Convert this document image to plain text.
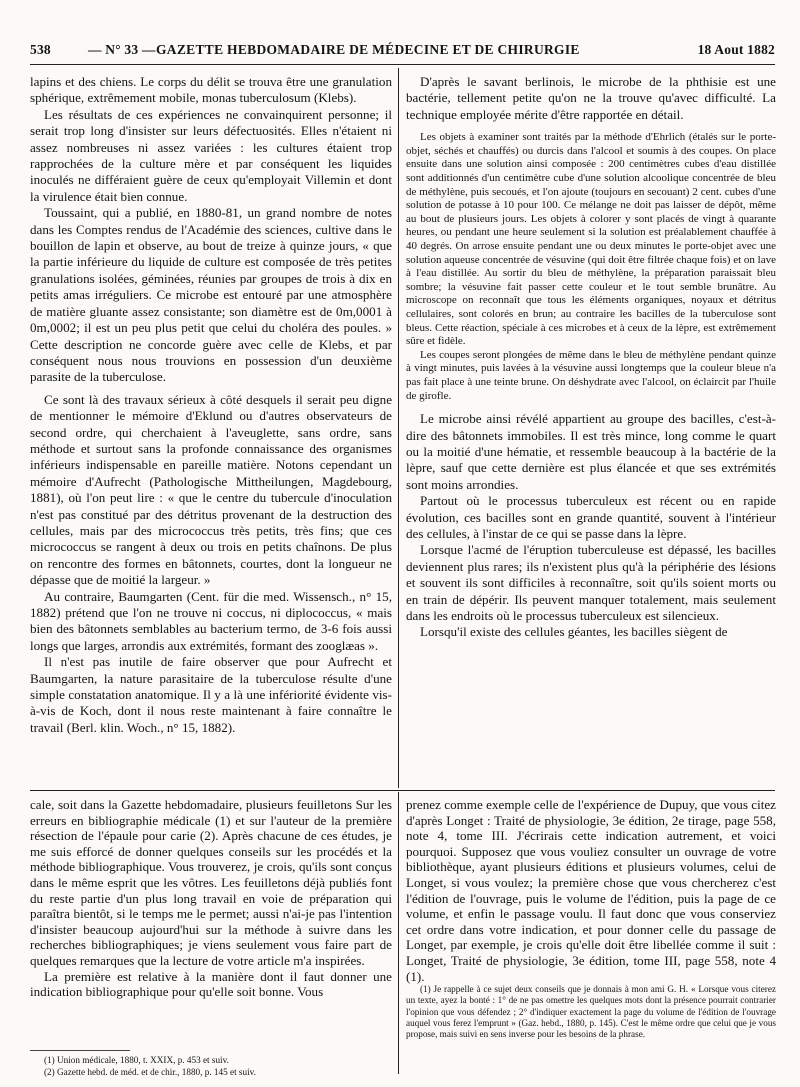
538	— N° 33 — GAZETTE HEBDOMADAIRE DE MÉDECINE ET DE CHIRURGIE	18 Aout 1882

lapins et des chiens. Le corps du délit se trouva être une granulation sphérique, extrêmement mobile, monas tuberculosum (Klebs).

Les résultats de ces expériences ne convainquirent personne; il serait trop long d'insister sur leurs défectuosités. Elles n'étaient ni assez nombreuses ni assez variées : les cultures étaient trop rapprochées de la culture mère et par conséquent les liquides inoculés ne différaient guère de ceux qu'employait Villemin et dont la virulence était bien connue.

Toussaint, qui a publié, en 1880-81, un grand nombre de notes dans les Comptes rendus de l'Académie des sciences, cultive dans le bouillon de lapin et observe, au bout de treize à quinze jours, « que la partie inférieure du liquide de culture est composée de très petites granulations isolées, géminées, réunies par groupes de trois à dix en petits amas irréguliers. Ce microbe est entouré par une atmosphère de matière gluante assez consistante; son diamètre est de 0m,0001 à 0m,0002; il est un peu plus petit que celui du choléra des poules. » Cette description ne concorde guère avec celle de Klebs, et par conséquent nous nous trouvions en possession d'un deuxième parasite de la tuberculose.

Ce sont là des travaux sérieux à côté desquels il serait peu digne de mentionner le mémoire d'Eklund ou d'autres observateurs de second ordre, qui cherchaient à l'aveuglette, sans ordre, sans méthode et surtout sans la profonde connaissance des organismes inférieurs indispensable en pareille matière. Notons cependant un mémoire d'Aufrecht (Pathologische Mittheilungen, Magdebourg, 1881), où l'on peut lire : « que le centre du tubercule d'inoculation n'est pas constitué par des détritus provenant de la destruction des cellules, mais par des micrococcus très petits, très fins; que ces micrococcus se rangent à deux ou trois en petits chaînons. De plus on rencontre des formes en bâtonnets, courtes, dont la longueur ne dépasse que de moitié la largeur. »

Au contraire, Baumgarten (Cent. für die med. Wissensch., n° 15, 1882) prétend que l'on ne trouve ni coccus, ni diplococcus, « mais bien des bâtonnets semblables au bacterium termo, de 3-6 fois aussi longs que larges, arrondis aux extrémités, formant des zooglæas ».

Il n'est pas inutile de faire observer que pour Aufrecht et Baumgarten, la nature parasitaire de la tuberculose résulte d'une simple constatation anatomique. Il y a là une infériorité évidente vis-à-vis de Koch, dont il nous reste maintenant à faire connaître le travail (Berl. klin. Woch., n° 15, 1882).

D'après le savant berlinois, le microbe de la phthisie est une bactérie, tellement petite qu'on ne la trouve qu'avec difficulté. La technique employée mérite d'être rapportée en détail.

Les objets à examiner sont traités par la méthode d'Ehrlich (étalés sur le porte-objet, séchés et chauffés) ou durcis dans l'alcool et soumis à des coupes. On place ensuite dans une solution ainsi composée : 200 centimètres cubes d'eau distillée sont additionnés d'un centimètre cube d'une solution alcoolique concentrée de bleu de méthylène, puis secoués, et l'on ajoute (toujours en secouant) 2 cent. cubes d'une solution de potasse à 10 pour 100. Ce mélange ne doit pas laisser de dépôt, même au bout de plusieurs jours. Les objets à colorer y sont placés de vingt à quarante heures, ou pendant une heure seulement si la solution est préalablement chauffée à 40 degrés. On arrose ensuite pendant une ou deux minutes le porte-objet avec une solution aqueuse concentrée de vésuvine (qui doit être filtrée chaque fois) et on lave à l'eau distillée. Au sortir du bleu de méthylène, la préparation paraissait bleu sombre; la vésuvine fait passer cette couleur et le tout semble brunâtre. Au microscope on reconnaît que tous les éléments organiques, noyaux et détritus cellulaires, sont colorés en brun; au contraire les bacilles de la tuberculose sont bleus. Cette réaction, spéciale à ces microbes et à ceux de la lèpre, est extrêmement sûre et fidèle.

Les coupes seront plongées de même dans le bleu de méthylène pendant quinze à vingt minutes, puis lavées à la vésuvine aussi longtemps que la couleur bleue n'a pas fait place à une teinte brune. On déshydrate avec l'alcool, on éclaircit par l'huile de girofle.

Le microbe ainsi révélé appartient au groupe des bacilles, c'est-à-dire des bâtonnets immobiles. Il est très mince, long comme le quart ou la moitié d'une hématie, et ressemble beaucoup à la bactérie de la lèpre, sauf que cette dernière est plus élancée et que ses extrémités sont moins arrondies.

Partout où le processus tuberculeux est récent ou en rapide évolution, ces bacilles sont en grande quantité, souvent à l'intérieur des cellules, à l'instar de ce qui se passe dans la lèpre.

Lorsque l'acmé de l'éruption tuberculeuse est dépassé, les bacilles deviennent plus rares; ils n'existent plus qu'à la périphérie des lésions et souvent ils sont difficiles à reconnaître, soit qu'ils soient morts ou en train de dépérir. Ils peuvent manquer totalement, mais seulement dans les endroits où le processus tuberculeux est silencieux.

Lorsqu'il existe des cellules géantes, les bacilles siègent de

cale, soit dans la Gazette hebdomadaire, plusieurs feuilletons Sur les erreurs en bibliographie médicale (1) et sur l'auteur de la première résection de l'épaule pour carie (2). Après chacune de ces études, je me suis efforcé de donner quelques conseils sur les procédés et la méthode bibliographique. Vous trouverez, je crois, qu'ils sont conçus dans le même esprit que les vôtres. Les feuilletons déjà publiés font du reste partie d'un plus long travail en voie de préparation qui paraîtra bientôt, si le temps me le permet; aussi n'ai-je pas l'intention d'insister beaucoup aujourd'hui sur la méthode à suivre dans les recherches bibliographiques; je viens seulement vous faire part de quelques remarques que la lecture de votre article m'a inspirées.

La première est relative à la manière dont il faut donner une indication bibliographique pour qu'elle soit bonne. Vous

prenez comme exemple celle de l'expérience de Dupuy, que vous citez d'après Longet : Traité de physiologie, 3e édition, 2e tirage, page 558, note 4, tome III. J'écrirais cette indication autrement, et voici pourquoi. Supposez que vous vouliez consulter un ouvrage de votre bibliothèque, ayant plusieurs éditions et plusieurs volumes, celui de Longet, si vous voulez; la première chose que vous chercherez c'est l'édition de l'ouvrage, puis le volume de l'édition, puis la page de ce volume, et enfin le passage voulu. Il faut donc que vous conserviez cet ordre dans votre indication, et pour donner celle du passage de Longet, par exemple, je crois qu'elle doit être libellée comme il suit : Longet, Traité de physiologie, 3e édition, tome III, page 558, note 4 (1).

(1) Je rappelle à ce sujet deux conseils que je donnais à mon ami G. H. « Lorsque vous citerez un texte, ayez la bonté : 1° de ne pas omettre les quelques mots dont la présence pourrait contrarier l'opinion que vous défendez ; 2° d'indiquer exactement la page du volume de l'édition de l'ouvrage auquel vous ferez l'emprunt » (Gaz. hebd., 1880, p. 145). C'est le même ordre que celui que je vous propose, mais suivi en sens inverse pour les besoins de la phrase.

(1) Union médicale, 1880, t. XXIX, p. 453 et suiv.
(2) Gazette hebd. de méd. et de chir., 1880, p. 145 et suiv.
